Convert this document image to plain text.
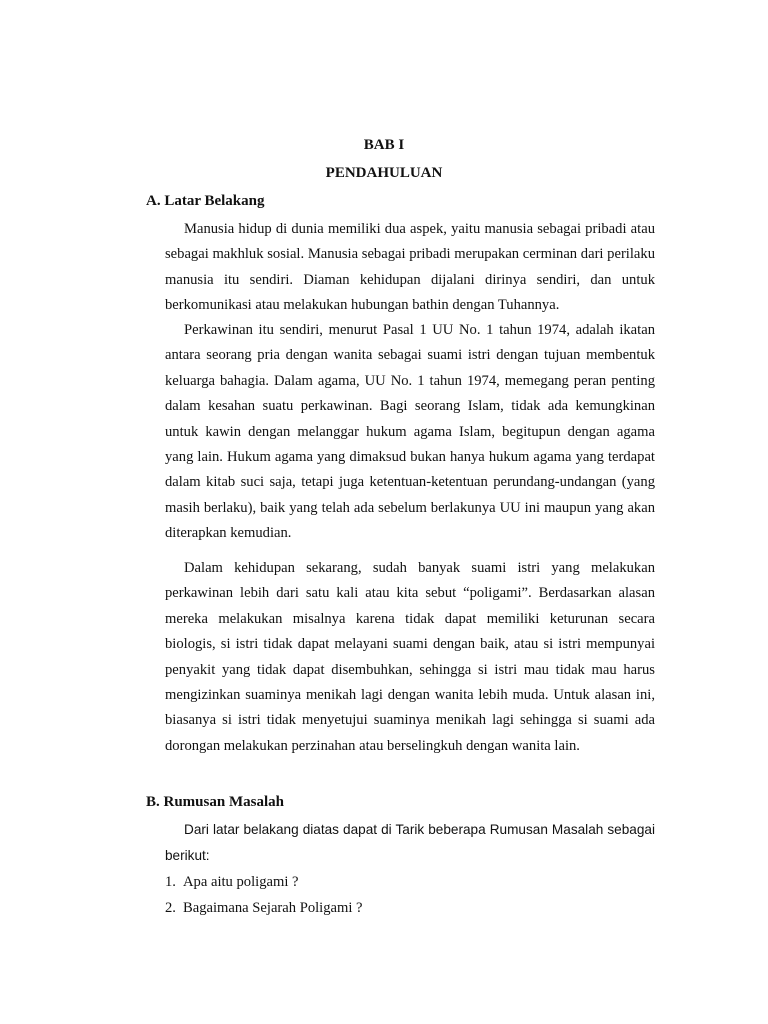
BAB I
PENDAHULUAN
A. Latar Belakang

Manusia hidup di dunia memiliki dua aspek, yaitu manusia sebagai pribadi atau sebagai makhluk sosial. Manusia sebagai pribadi merupakan cerminan dari perilaku manusia itu sendiri. Diaman kehidupan dijalani dirinya sendiri, dan untuk berkomunikasi atau melakukan hubungan bathin dengan Tuhannya.

Perkawinan itu sendiri, menurut Pasal 1 UU No. 1 tahun 1974, adalah ikatan antara seorang pria dengan wanita sebagai suami istri dengan tujuan membentuk keluarga bahagia. Dalam agama, UU No. 1 tahun 1974, memegang peran penting dalam kesahan suatu perkawinan. Bagi seorang Islam, tidak ada kemungkinan untuk kawin dengan melanggar hukum agama Islam, begitupun dengan agama yang lain. Hukum agama yang dimaksud bukan hanya hukum agama yang terdapat dalam kitab suci saja, tetapi juga ketentuan-ketentuan perundang-undangan (yang masih berlaku), baik yang telah ada sebelum berlakunya UU ini maupun yang akan diterapkan kemudian.

Dalam kehidupan sekarang, sudah banyak suami istri yang melakukan perkawinan lebih dari satu kali atau kita sebut “poligami”. Berdasarkan alasan mereka melakukan misalnya karena tidak dapat memiliki keturunan secara biologis, si istri tidak dapat melayani suami dengan baik, atau si istri mempunyai penyakit yang tidak dapat disembuhkan, sehingga si istri mau tidak mau harus mengizinkan suaminya menikah lagi dengan wanita lebih muda. Untuk alasan ini, biasanya si istri tidak menyetujui suaminya menikah lagi sehingga si suami ada dorongan melakukan perzinahan atau berselingkuh dengan wanita lain.

B. Rumusan Masalah

Dari latar belakang diatas dapat di Tarik beberapa Rumusan Masalah sebagai berikut:

1. Apa aitu poligami ?
2. Bagaimana Sejarah Poligami ?
